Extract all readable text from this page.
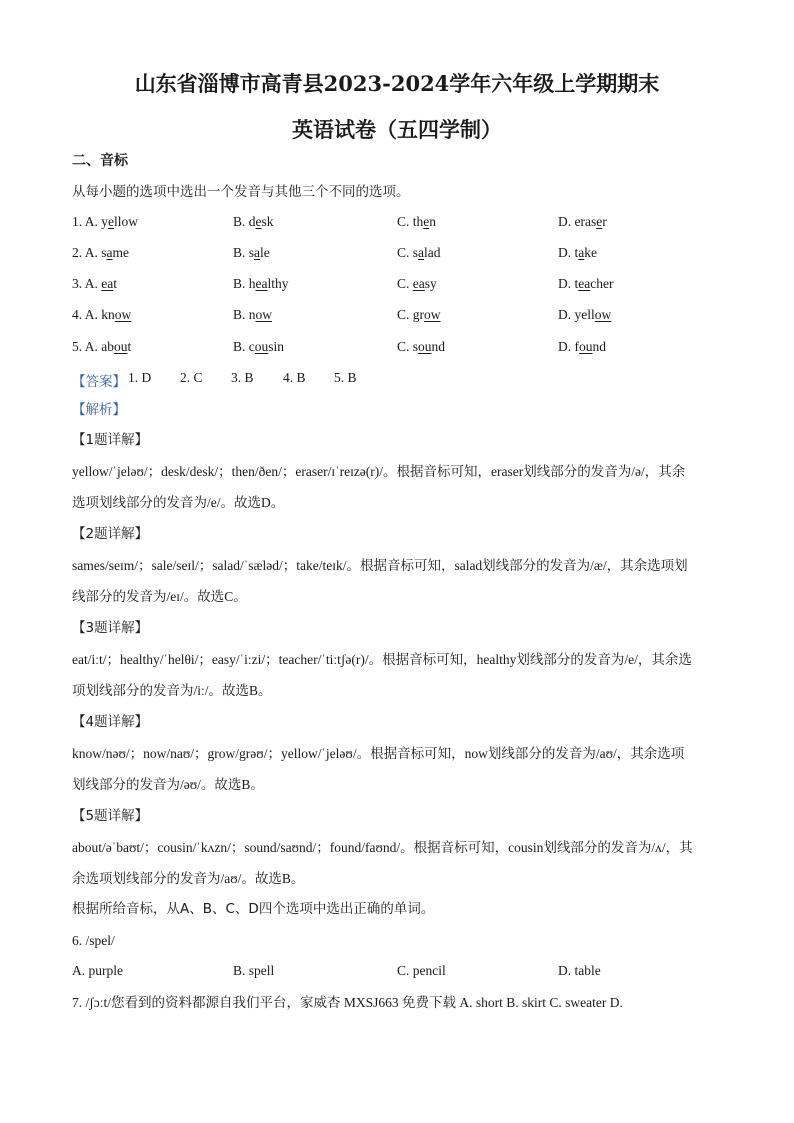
山东省淄博市高青县2023-2024学年六年级上学期期末
英语试卷（五四学制）
二、音标
从每小题的选项中选出一个发音与其他三个不同的选项。
1. A. yellow	B. desk	C. then	D. eraser
2. A. same	B. sale	C. salad	D. take
3. A. eat	B. healthy	C. easy	D. teacher
4. A. know	B. now	C. grow	D. yellow
5. A. about	B. cousin	C. sound	D. found
【答案】 1. D 2. C 3. B 4. B 5. B
【解析】
【1题详解】
yellow/ˈjeləʊ/；desk/desk/；then/ðen/；eraser/ɪˈreɪzə(r)/。根据音标可知，eraser划线部分的发音为/ə/，其余
选项划线部分的发音为/e/。故选D。
【2题详解】
sames/seɪm/；sale/seɪl/；salad/ˈsæləd/；take/teɪk/。根据音标可知，salad划线部分的发音为/æ/，其余选项划
线部分的发音为/eɪ/。故选C。
【3题详解】
eat/iːt/；healthy/ˈhelθi/；easy/ˈiːzi/；teacher/ˈtiːtʃə(r)/。根据音标可知，healthy划线部分的发音为/e/，其余选
项划线部分的发音为/iː/。故选B。
【4题详解】
know/nəʊ/；now/naʊ/；grow/grəʊ/；yellow/ˈjeləʊ/。根据音标可知，now划线部分的发音为/aʊ/，其余选项
划线部分的发音为/əʊ/。故选B。
【5题详解】
about/əˈbaʊt/；cousin/ˈkʌzn/；sound/saʊnd/；found/faʊnd/。根据音标可知，cousin划线部分的发音为/ʌ/，其
余选项划线部分的发音为/aʊ/。故选B。
根据所给音标，从A、B、C、D四个选项中选出正确的单词。
6. /spel/
A. purple	B. spell	C. pencil	D. table
7. /ʃɔːt/您看到的资料都源自我们平台，家威杏 MXSJ663 免费下载 A. short B. skirt C. sweater D.
